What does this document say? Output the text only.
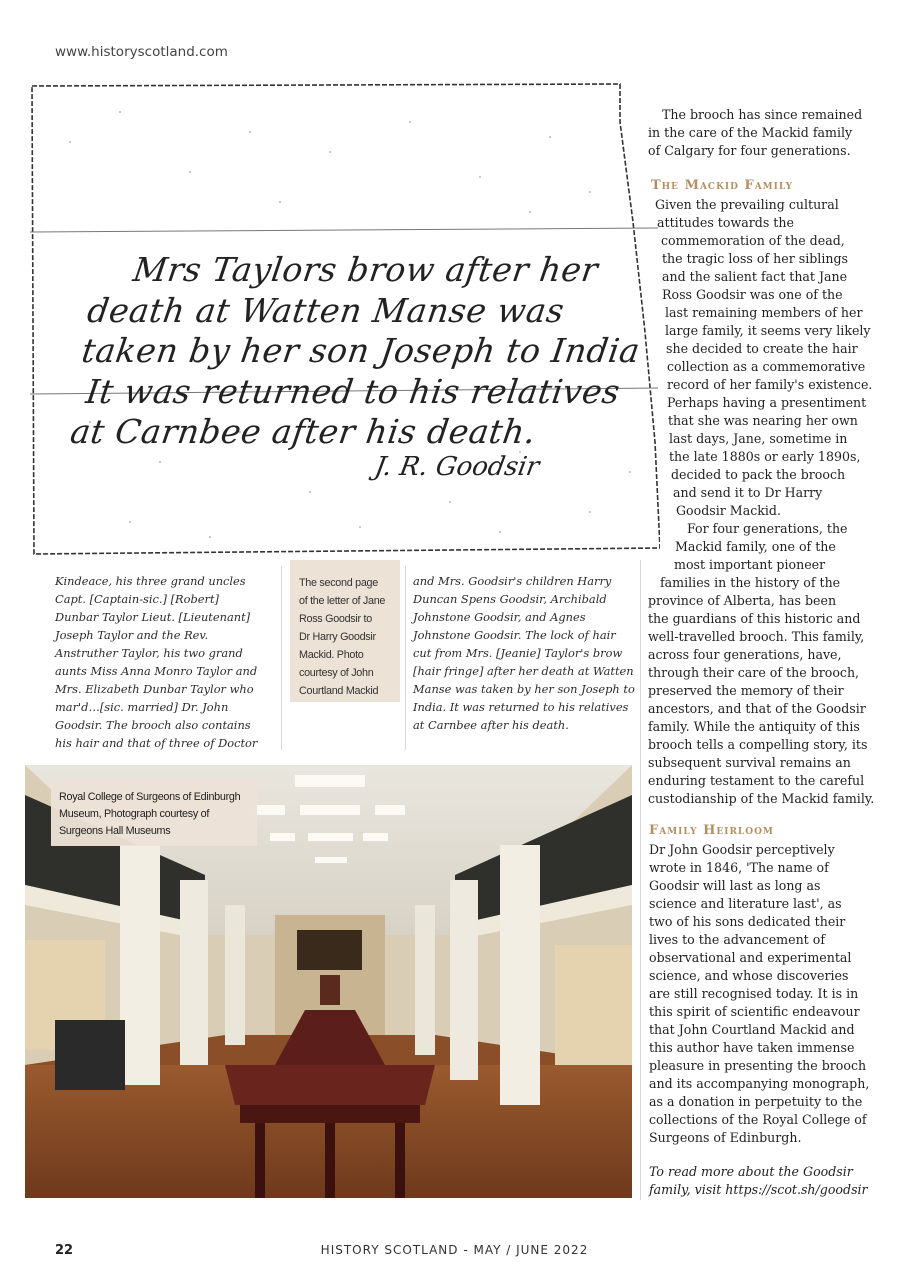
www.historyscotland.com
Mrs Taylors brow after her
death at Watten Manse was
taken by her son Joseph to India
It was returned to his relatives
at Carnbee after his death.
J. R. Goodsir
Kindeace, his three grand uncles
Capt. [Captain-sic.] [Robert]
Dunbar Taylor Lieut. [Lieutenant]
Joseph Taylor and the Rev.
Anstruther Taylor, his two grand
aunts Miss Anna Monro Taylor and
Mrs. Elizabeth Dunbar Taylor who
mar'd…[sic. married] Dr. John
Goodsir. The brooch also contains
his hair and that of three of Doctor
The second page
of the letter of Jane
Ross Goodsir to
Dr Harry Goodsir
Mackid. Photo
courtesy of John
Courtland Mackid
and Mrs. Goodsir's children Harry
Duncan Spens Goodsir, Archibald
Johnstone Goodsir, and Agnes
Johnstone Goodsir. The lock of hair
cut from Mrs. [Jeanie] Taylor's brow
[hair fringe] after her death at Watten
Manse was taken by her son Joseph to
India. It was returned to his relatives
at Carnbee after his death.
Royal College of Surgeons of Edinburgh
Museum, Photograph courtesy of
Surgeons Hall Museums
The brooch has since remained
in the care of the Mackid family
of Calgary for four generations.
The Mackid Family
Given the prevailing cultural
attitudes towards the
commemoration of the dead,
the tragic loss of her siblings
and the salient fact that Jane
Ross Goodsir was one of the
last remaining members of her
large family, it seems very likely
she decided to create the hair
collection as a commemorative
record of her family's existence.
Perhaps having a presentiment
that she was nearing her own
last days, Jane, sometime in
the late 1880s or early 1890s,
decided to pack the brooch
and send it to Dr Harry
Goodsir Mackid.
For four generations, the
Mackid family, one of the
most important pioneer
families in the history of the
province of Alberta, has been
the guardians of this historic and
well-travelled brooch. This family,
across four generations, have,
through their care of the brooch,
preserved the memory of their
ancestors, and that of the Goodsir
family. While the antiquity of this
brooch tells a compelling story, its
subsequent survival remains an
enduring testament to the careful
custodianship of the Mackid family.
Family Heirloom
Dr John Goodsir perceptively
wrote in 1846, 'The name of
Goodsir will last as long as
science and literature last', as
two of his sons dedicated their
lives to the advancement of
observational and experimental
science, and whose discoveries
are still recognised today. It is in
this spirit of scientific endeavour
that John Courtland Mackid and
this author have taken immense
pleasure in presenting the brooch
and its accompanying monograph,
as a donation in perpetuity to the
collections of the Royal College of
Surgeons of Edinburgh.
To read more about the Goodsir
family, visit https://scot.sh/goodsir
22	HISTORY SCOTLAND - MAY / JUNE 2022
